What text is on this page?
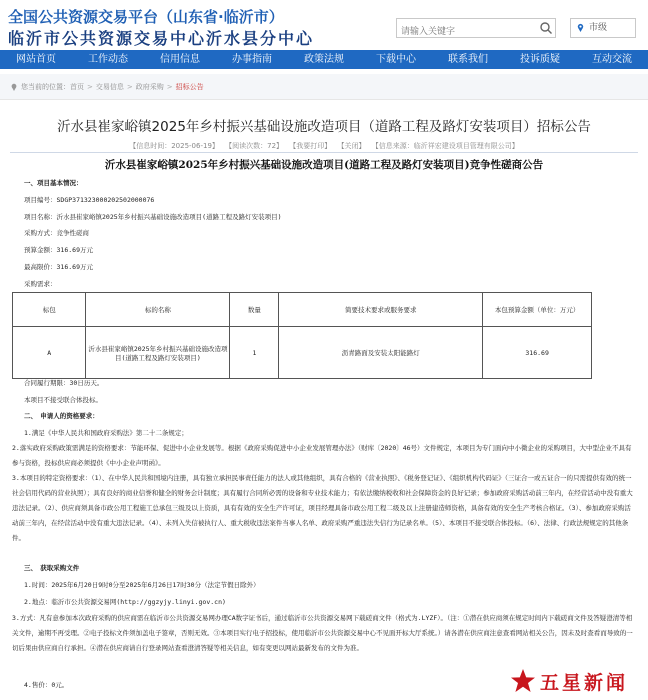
全国公共资源交易平台（山东省·临沂市）
临沂市公共资源交易中心沂水县分中心
请输入关键字
市级
网站首页	工作动态	信用信息	办事指南	政策法规	下载中心	联系我们	投诉质疑	互动交流
您当前的位置： 首页 > 交易信息 > 政府采购 > 招标公告
沂水县崔家峪镇2025年乡村振兴基础设施改造项目（道路工程及路灯安装项目）招标公告
【信息时间：2025-06-19】 【阅读次数：72】 【我要打印】 【关闭】 【信息来源：临沂祥宏建设项目管理有限公司】
沂水县崔家峪镇2025年乡村振兴基础设施改造项目(道路工程及路灯安装项目)竞争性磋商公告
一、项目基本情况：
项目编号：SDGP371323000202502000076
项目名称：沂水县崔家峪镇2025年乡村振兴基础设施改造项目(道路工程及路灯安装项目)
采购方式：竞争性磋商
预算金额：316.69万元
最高限价：316.69万元
采购需求：
标包	标的名称	数量	简要技术要求或服务要求	本包预算金额（单位：万元）
A	沂水县崔家峪镇2025年乡村振兴基础设施改造项目(道路工程及路灯安装项目)	1	沥青路面及安装太阳能路灯	316.69
合同履行期限：30日历天。
本项目不接受联合体投标。
二、　申请人的资格要求：
1.满足《中华人民共和国政府采购法》第二十二条规定；
2.落实政府采购政策需满足的资格要求：节能环保、促进中小企业发展等。根据《政府采购促进中小企业发展管理办法》（财库〔2020〕46号）文件规定，本项目为专门面向中小微企业的采购项目，大中型企业不具有参与资格，投标供应商必须提供《中小企业声明函》。
3.本项目的特定资格要求：（1）、在中华人民共和国境内注册，具有独立承担民事责任能力的法人或其他组织，具有合格的《营业执照》、《税务登记证》、《组织机构代码证》（三证合一或五证合一的只需提供有效的统一社会信用代码的营业执照）；具有良好的商业信誉和健全的财务会计制度；具有履行合同所必需的设备和专业技术能力；有依法缴纳税收和社会保障资金的良好记录；参加政府采购活动前三年内，在经营活动中没有重大违法记录。（2）、供应商须具备市政公用工程施工总承包三级及以上资质，具有有效的安全生产许可证，项目经理具备市政公用工程二级及以上注册建造师资格，具备有效的安全生产考核合格证。（3）、参加政府采购活动前三年内，在经营活动中没有重大违法记录。（4）、未列入失信被执行人、重大税收违法案件当事人名单、政府采购严重违法失信行为记录名单。（5）、本项目不接受联合体投标。（6）、法律、行政法规规定的其他条件。
三、　获取采购文件
1.时间：2025年6月20日9时0分至2025年6月26日17时30分（法定节假日除外）
2.地点：临沂市公共资源交易网(http://ggzyjy.linyi.gov.cn)
3.方式：凡有意参加本次政府采购的供应商需在临沂市公共资源交易网办理CA数字证书后，通过临沂市公共资源交易网下载磋商文件（格式为.LYZF）。（注：①潜在供应商须在规定时间内下载磋商文件及答疑澄清等相关文件，逾期不再受理。②电子投标文件须加盖电子签章，否则无效。③本项目实行电子招投标，使用临沂市公共资源交易中心不见面开标大厅系统。）请各潜在供应商注意查看网站相关公告，因未及时查看而导致的一切后果由供应商自行承担。④潜在供应商请自行登录网站查看澄清答疑等相关信息，如有变更以网站最新发布的文件为准。
4.售价：0元。	五星新闻
